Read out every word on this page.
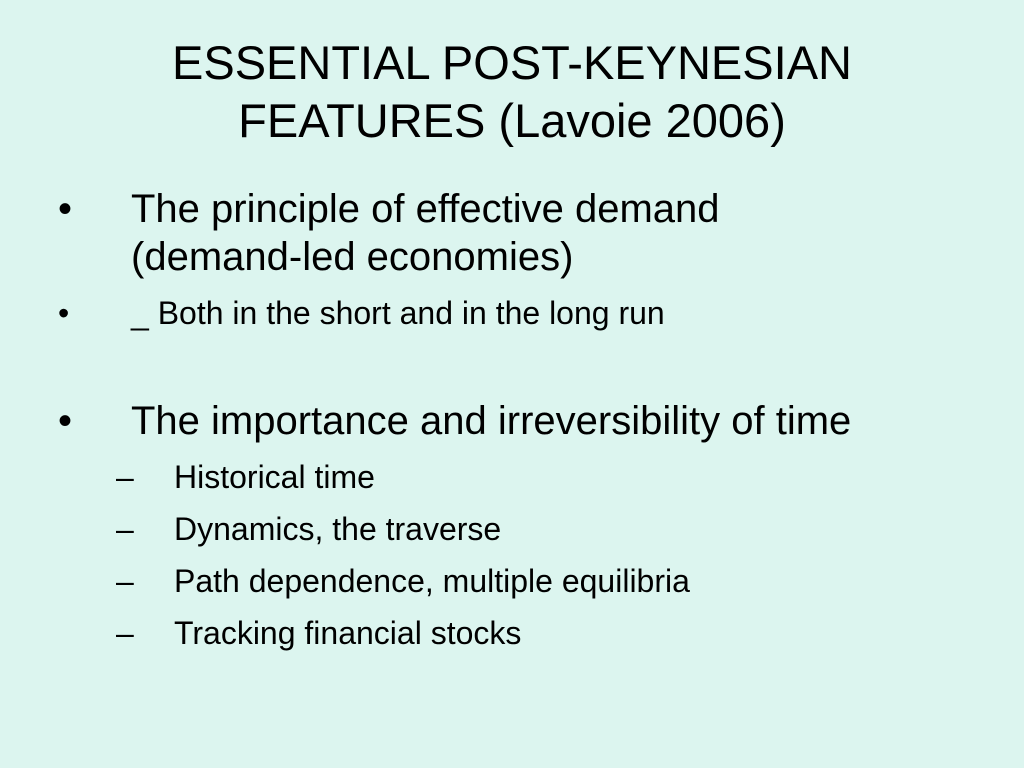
ESSENTIAL POST-KEYNESIAN
FEATURES (Lavoie 2006)
• The principle of effective demand
(demand-led economies)
• _ Both in the short and in the long run
• The importance and irreversibility of time
– Historical time
– Dynamics, the traverse
– Path dependence, multiple equilibria
– Tracking financial stocks
